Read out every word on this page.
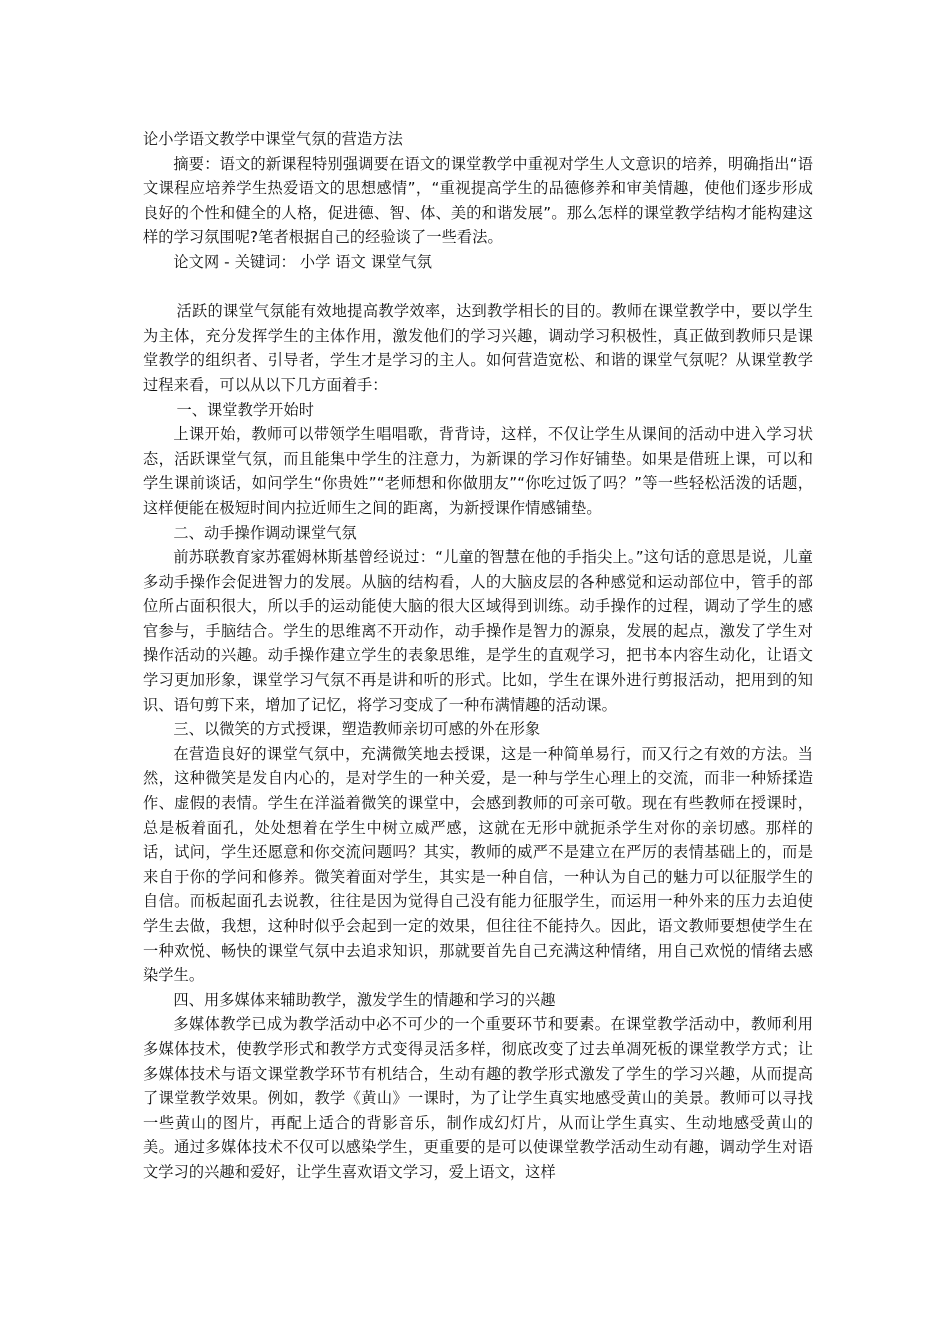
论小学语文教学中课堂气氛的营造方法

摘要：语文的新课程特别强调要在语文的课堂教学中重视对学生人文意识的培养，明确指出“语文课程应培养学生热爱语文的思想感情”，“重视提高学生的品德修养和审美情趣，使他们逐步形成良好的个性和健全的人格，促进德、智、体、美的和谐发展”。那么怎样的课堂教学结构才能构建这样的学习氛围呢?笔者根据自己的经验谈了一些看法。

论文网 - 关键词： 小学 语文 课堂气氛

活跃的课堂气氛能有效地提高教学效率，达到教学相长的目的。教师在课堂教学中，要以学生为主体，充分发挥学生的主体作用，激发他们的学习兴趣，调动学习积极性，真正做到教师只是课堂教学的组织者、引导者，学生才是学习的主人。如何营造宽松、和谐的课堂气氛呢？从课堂教学过程来看，可以从以下几方面着手：

一、课堂教学开始时

上课开始，教师可以带领学生唱唱歌，背背诗，这样，不仅让学生从课间的活动中进入学习状态，活跃课堂气氛，而且能集中学生的注意力，为新课的学习作好铺垫。如果是借班上课，可以和学生课前谈话，如问学生“你贵姓”“老师想和你做朋友”“你吃过饭了吗？”等一些轻松活泼的话题，这样便能在极短时间内拉近师生之间的距离，为新授课作情感铺垫。

二、动手操作调动课堂气氛

前苏联教育家苏霍姆林斯基曾经说过：“儿童的智慧在他的手指尖上。”这句话的意思是说，儿童多动手操作会促进智力的发展。从脑的结构看，人的大脑皮层的各种感觉和运动部位中，管手的部位所占面积很大，所以手的运动能使大脑的很大区域得到训练。动手操作的过程，调动了学生的感官参与，手脑结合。学生的思维离不开动作，动手操作是智力的源泉，发展的起点，激发了学生对操作活动的兴趣。动手操作建立学生的表象思维，是学生的直观学习，把书本内容生动化，让语文学习更加形象，课堂学习气氛不再是讲和听的形式。比如，学生在课外进行剪报活动，把用到的知识、语句剪下来，增加了记忆，将学习变成了一种布满情趣的活动课。

三、以微笑的方式授课，塑造教师亲切可感的外在形象

在营造良好的课堂气氛中，充满微笑地去授课，这是一种简单易行，而又行之有效的方法。当然，这种微笑是发自内心的，是对学生的一种关爱，是一种与学生心理上的交流，而非一种矫揉造作、虚假的表情。学生在洋溢着微笑的课堂中，会感到教师的可亲可敬。现在有些教师在授课时，总是板着面孔，处处想着在学生中树立威严感，这就在无形中就扼杀学生对你的亲切感。那样的话，试问，学生还愿意和你交流问题吗？其实，教师的威严不是建立在严厉的表情基础上的，而是来自于你的学问和修养。微笑着面对学生，其实是一种自信，一种认为自己的魅力可以征服学生的自信。而板起面孔去说教，往往是因为觉得自己没有能力征服学生，而运用一种外来的压力去迫使学生去做，我想，这种时似乎会起到一定的效果，但往往不能持久。因此，语文教师要想使学生在一种欢悦、畅快的课堂气氛中去追求知识，那就要首先自己充满这种情绪，用自己欢悦的情绪去感染学生。

四、用多媒体来辅助教学，激发学生的情趣和学习的兴趣

多媒体教学已成为教学活动中必不可少的一个重要环节和要素。在课堂教学活动中，教师利用多媒体技术，使教学形式和教学方式变得灵活多样，彻底改变了过去单凋死板的课堂教学方式；让多媒体技术与语文课堂教学环节有机结合，生动有趣的教学形式激发了学生的学习兴趣，从而提高了课堂教学效果。例如，教学《黄山》一课时，为了让学生真实地感受黄山的美景。教师可以寻找一些黄山的图片，再配上适合的背影音乐，制作成幻灯片，从而让学生真实、生动地感受黄山的美。通过多媒体技术不仅可以感染学生，更重要的是可以使课堂教学活动生动有趣，调动学生对语文学习的兴趣和爱好，让学生喜欢语文学习，爱上语文，这样
